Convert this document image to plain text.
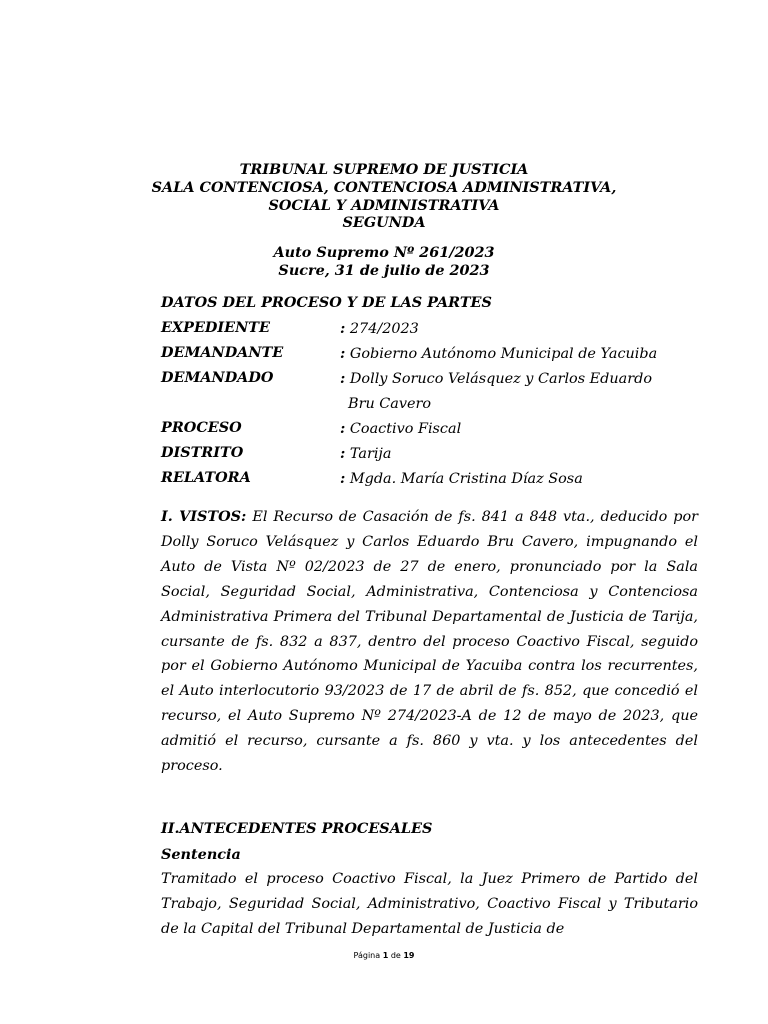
TRIBUNAL SUPREMO DE JUSTICIA
SALA CONTENCIOSA, CONTENCIOSA ADMINISTRATIVA,
SOCIAL Y ADMINISTRATIVA
SEGUNDA
Auto Supremo Nº 261/2023
Sucre, 31 de julio de 2023
DATOS DEL PROCESO Y DE LAS PARTES
EXPEDIENTE	: 274/2023
DEMANDANTE	: Gobierno Autónomo Municipal de Yacuiba
DEMANDADO	: Dolly Soruco Velásquez y Carlos Eduardo
Bru Cavero
PROCESO	: Coactivo Fiscal
DISTRITO	: Tarija
RELATORA	: Mgda. María Cristina Díaz Sosa
I. VISTOS: El Recurso de Casación de fs. 841 a 848 vta., deducido por Dolly Soruco Velásquez y Carlos Eduardo Bru Cavero, impugnando el Auto de Vista Nº 02/2023 de 27 de enero, pronunciado por la Sala Social, Seguridad Social, Administrativa, Contenciosa y Contenciosa Administrativa Primera del Tribunal Departamental de Justicia de Tarija, cursante de fs. 832 a 837, dentro del proceso Coactivo Fiscal, seguido por el Gobierno Autónomo Municipal de Yacuiba contra los recurrentes, el Auto interlocutorio 93/2023 de 17 de abril de fs. 852, que concedió el recurso, el Auto Supremo Nº 274/2023-A de 12 de mayo de 2023, que admitió el recurso, cursante a fs. 860 y vta. y los antecedentes del proceso.
II.ANTECEDENTES PROCESALES
Sentencia
Tramitado el proceso Coactivo Fiscal, la Juez Primero de Partido del Trabajo, Seguridad Social, Administrativo, Coactivo Fiscal y Tributario de la Capital del Tribunal Departamental de Justicia de
Página 1 de 19
